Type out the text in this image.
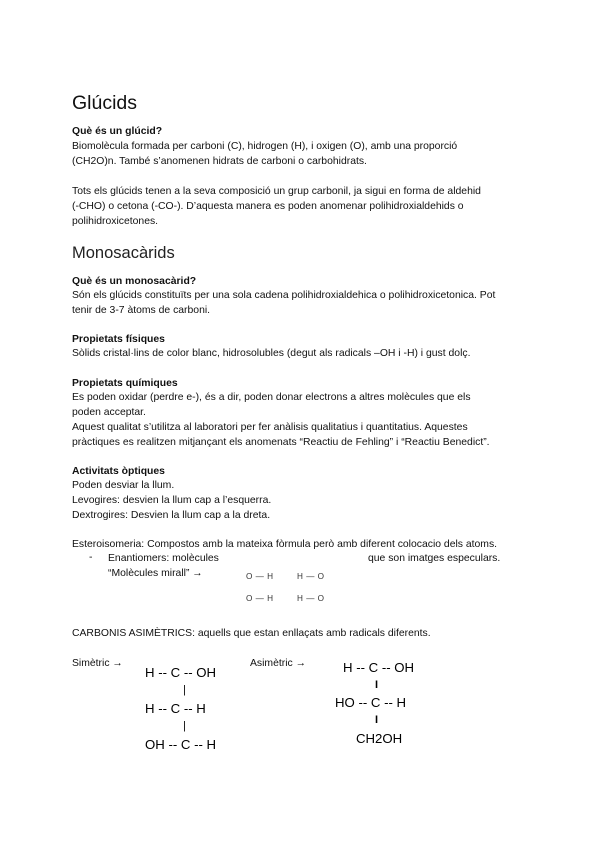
Glúcids
Què és un glúcid?
Biomolècula formada per carboni (C), hidrogen (H), i oxigen (O), amb una proporció
(CH2O)n. També s’anomenen hidrats de carboni o carbohidrats.
Tots els glúcids tenen a la seva composició un grup carbonil, ja sigui en forma de aldehid
(-CHO) o cetona (-CO-). D’aquesta manera es poden anomenar polihidroxialdehids o
polihidroxicetones.
Monosacàrids
Què és un monosacàrid?
Són els glúcids constituïts per una sola cadena polihidroxialdehica o polihidroxicetonica. Pot
tenir de 3-7 àtoms de carboni.
Propietats físiques
Sòlids cristal·lins de color blanc, hidrosolubles (degut als radicals –OH i -H) i gust dolç.
Propietats químiques
Es poden oxidar (perdre e-), és a dir, poden donar electrons a altres molècules que els
poden acceptar.
Aquest qualitat s’utilitza al laboratori per fer anàlisis qualitatius i quantitatius. Aquestes
pràctiques es realitzen mitjançant els anomenats “Reactiu de Fehling” i “Reactiu Benedict”.
Activitats òptiques
Poden desviar la llum.
Levogires: desvien la llum cap a l’esquerra.
Dextrogires: Desvien la llum cap a la dreta.
Esteroisomeria: Compostos amb la mateixa fòrmula però amb diferent colocacio dels atoms.
- Enantiomers: molècules	que son imatges especulars.
“Molècules mirall” →	O — H	H — O
O — H	H — O
CARBONIS ASIMÈTRICS: aquells que estan enllaçats amb radicals diferents.
Simètric →
H -- C -- OH
|
H -- C -- H
|
OH -- C -- H
Asimètric →	H -- C -- OH
I
HO -- C -- H
I
CH2OH
